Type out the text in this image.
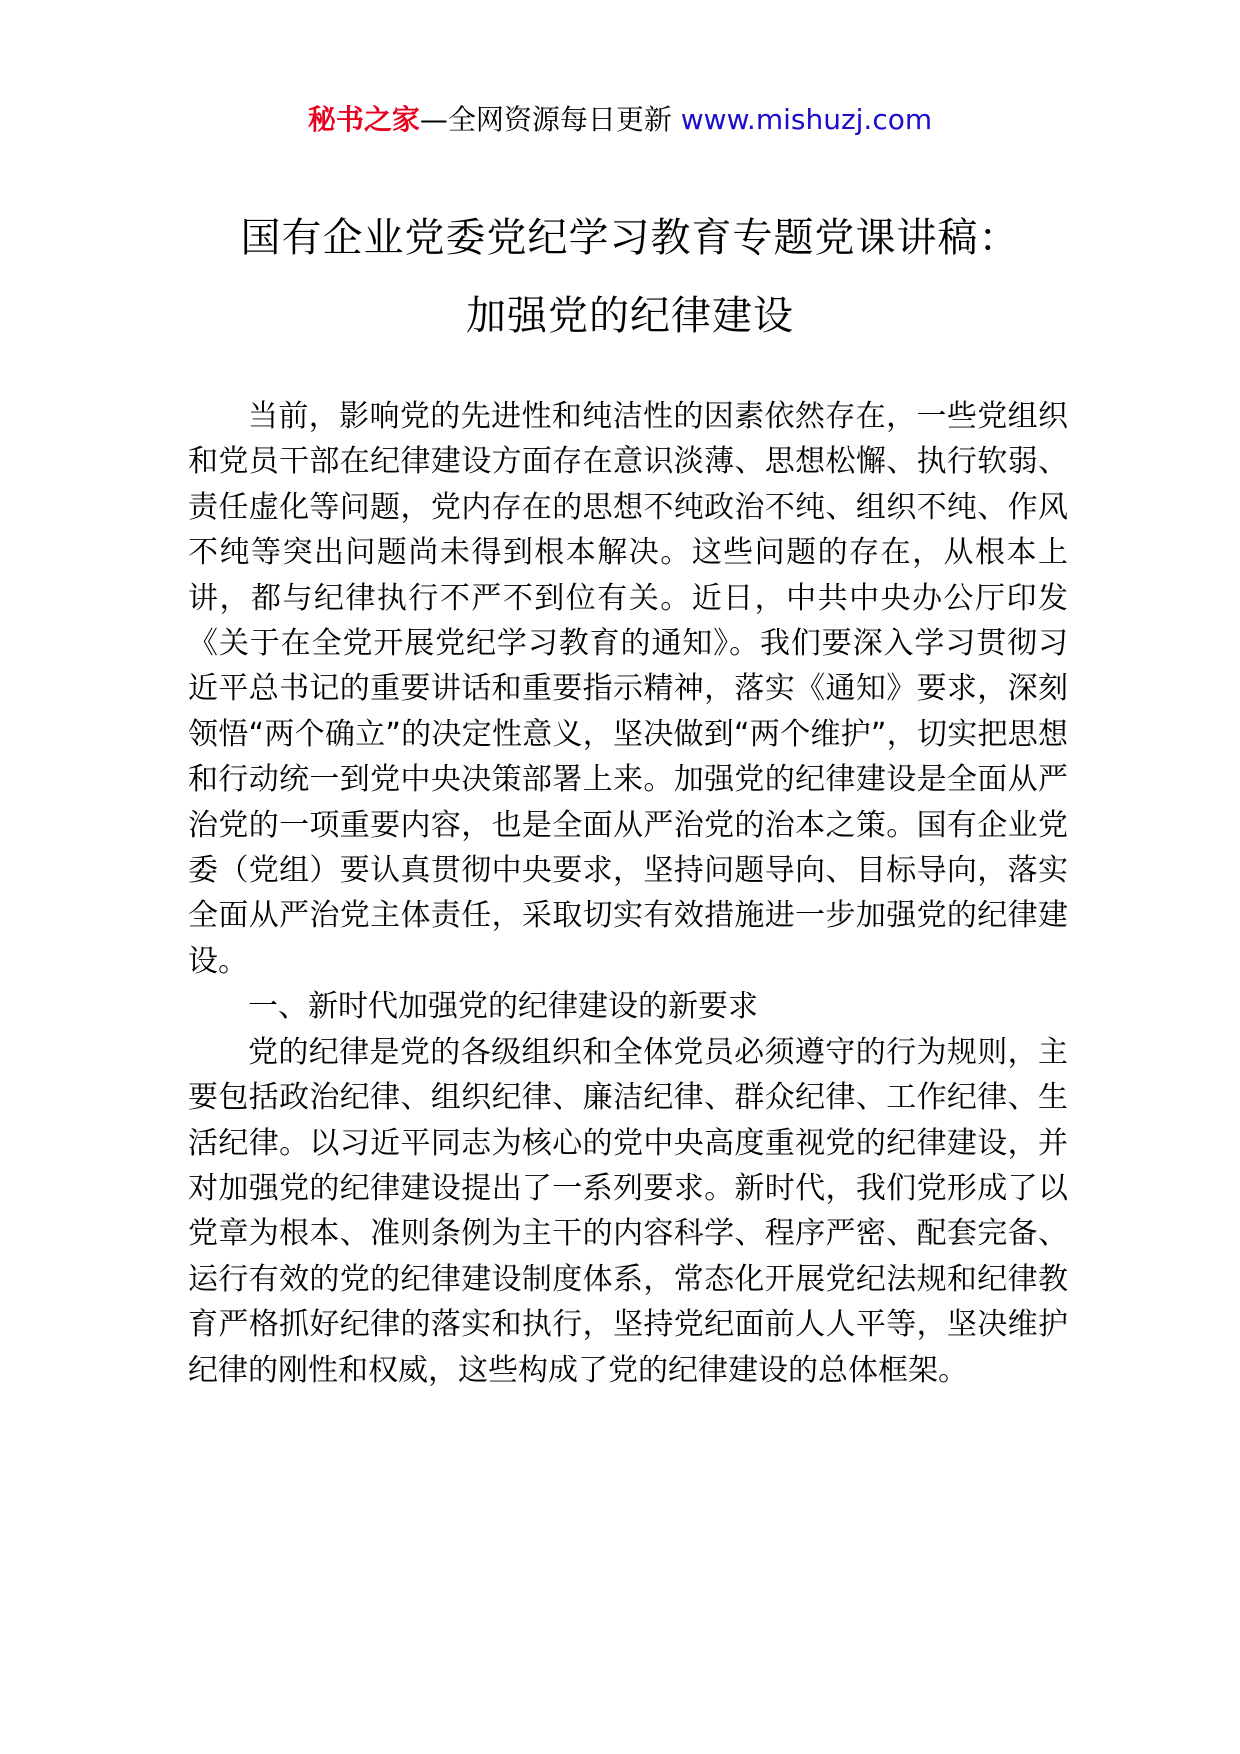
秘书之家—全网资源每日更新 www.mishuzj.com
国有企业党委党纪学习教育专题党课讲稿：
加强党的纪律建设

当前，影响党的先进性和纯洁性的因素依然存在，一些党组织和党员干部在纪律建设方面存在意识淡薄、思想松懈、执行软弱、责任虚化等问题，党内存在的思想不纯政治不纯、组织不纯、作风不纯等突出问题尚未得到根本解决。这些问题的存在，从根本上讲，都与纪律执行不严不到位有关。近日，中共中央办公厅印发《关于在全党开展党纪学习教育的通知》。我们要深入学习贯彻习近平总书记的重要讲话和重要指示精神，落实《通知》要求，深刻领悟“两个确立”的决定性意义，坚决做到“两个维护”，切实把思想和行动统一到党中央决策部署上来。加强党的纪律建设是全面从严治党的一项重要内容，也是全面从严治党的治本之策。国有企业党委（党组）要认真贯彻中央要求，坚持问题导向、目标导向，落实全面从严治党主体责任，采取切实有效措施进一步加强党的纪律建设。

一、新时代加强党的纪律建设的新要求

党的纪律是党的各级组织和全体党员必须遵守的行为规则，主要包括政治纪律、组织纪律、廉洁纪律、群众纪律、工作纪律、生活纪律。以习近平同志为核心的党中央高度重视党的纪律建设，并对加强党的纪律建设提出了一系列要求。新时代，我们党形成了以党章为根本、准则条例为主干的内容科学、程序严密、配套完备、运行有效的党的纪律建设制度体系，常态化开展党纪法规和纪律教育严格抓好纪律的落实和执行，坚持党纪面前人人平等，坚决维护纪律的刚性和权威，这些构成了党的纪律建设的总体框架。
